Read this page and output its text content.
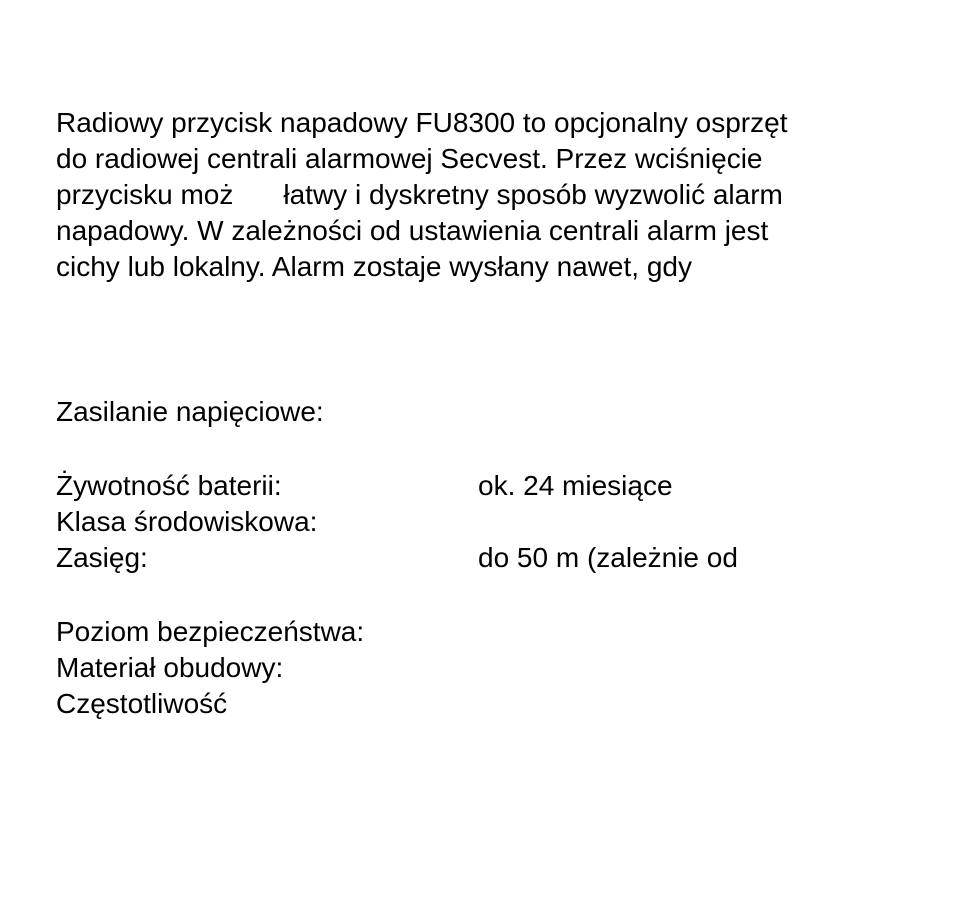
Radiowy przycisk napadowy FU8300 to opcjonalny osprzęt
do radiowej centrali alarmowej Secvest. Przez wciśnięcie
przycisku moż łatwy i dyskretny sposób wyzwolić alarm
napadowy. W zależności od ustawienia centrali alarm jest
cichy lub lokalny. Alarm zostaje wysłany nawet, gdy
Zasilanie napięciowe:
Żywotność baterii:	ok. 24 miesiące
Klasa środowiskowa:
Zasięg:	do 50 m (zależnie od
Poziom bezpieczeństwa:
Materiał obudowy:
Częstotliwość
